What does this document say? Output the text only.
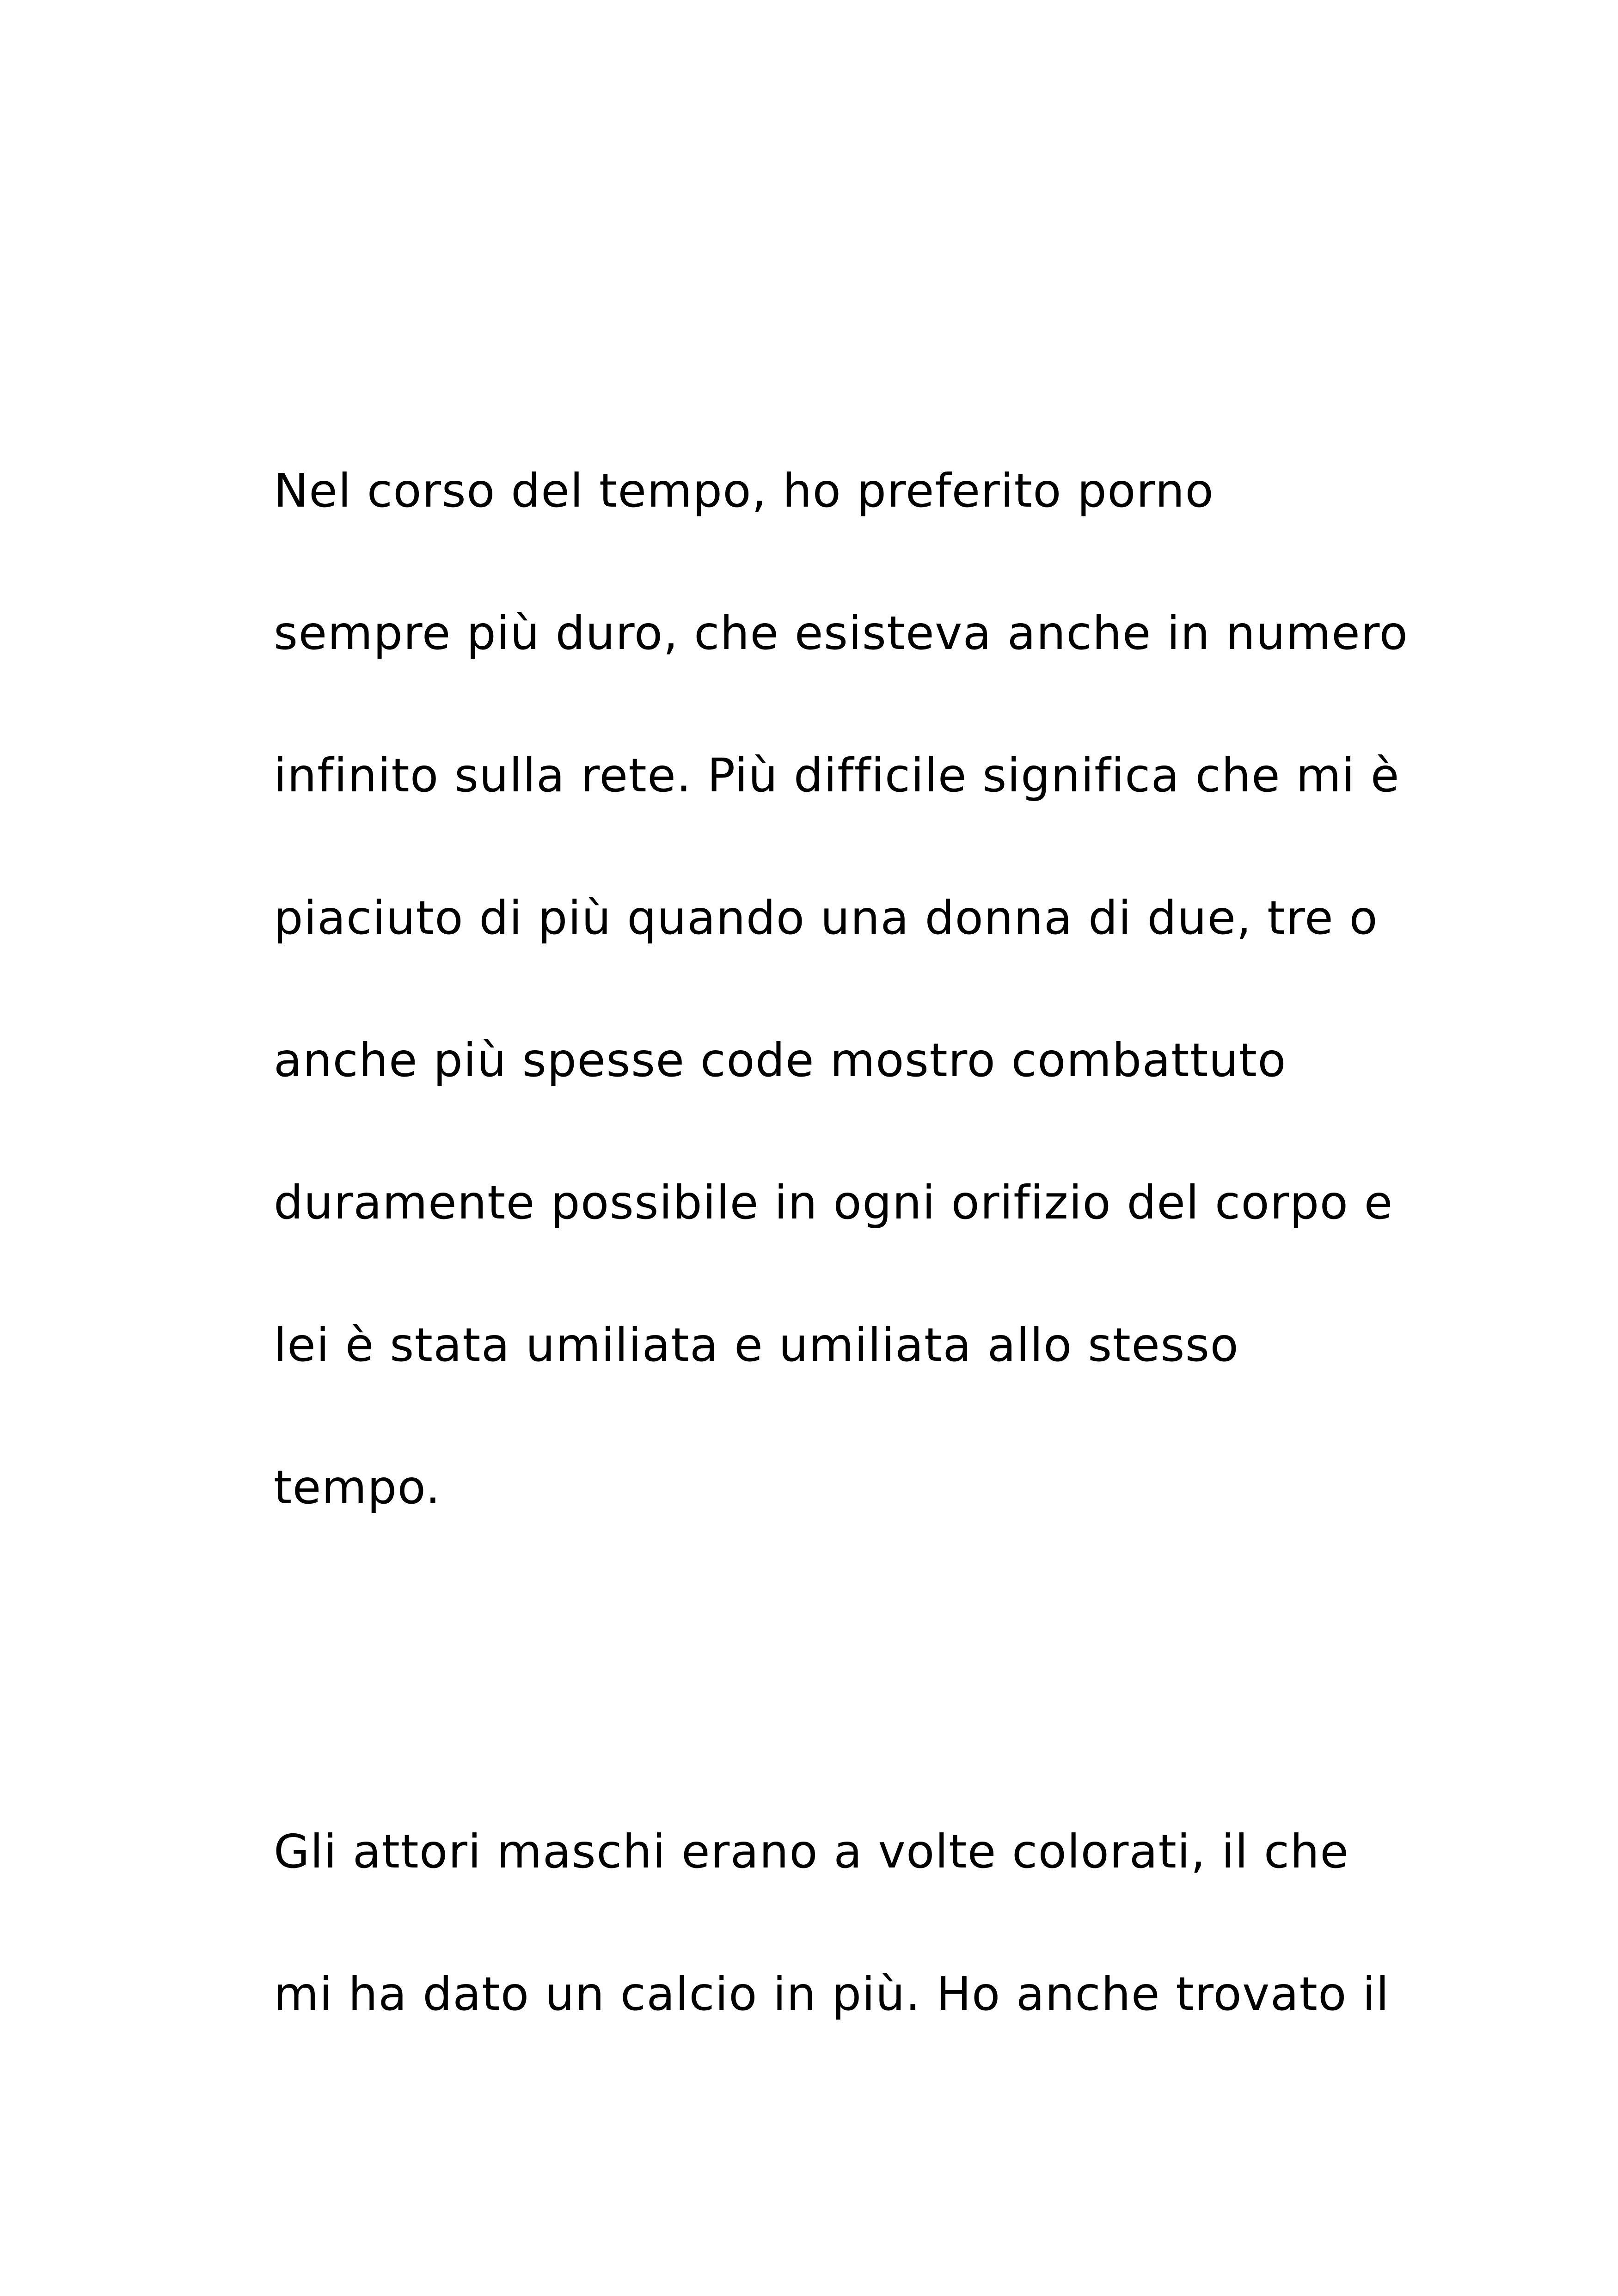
Nel corso del tempo, ho preferito porno
sempre più duro, che esisteva anche in numero
infinito sulla rete. Più difficile significa che mi è
piaciuto di più quando una donna di due, tre o
anche più spesse code mostro combattuto
duramente possibile in ogni orifizio del corpo e
lei è stata umiliata e umiliata allo stesso
tempo.
Gli attori maschi erano a volte colorati, il che
mi ha dato un calcio in più. Ho anche trovato il
